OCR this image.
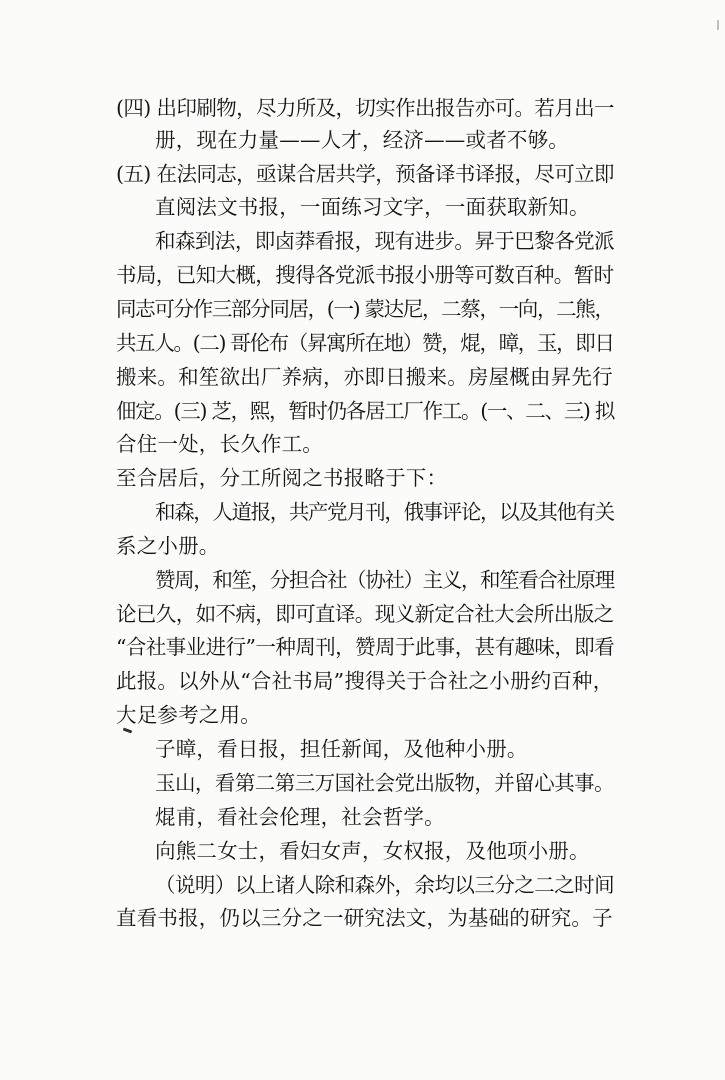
(四) 出印刷物，尽力所及，切实作出报告亦可。若月出一

册，现在力量——人才，经济——或者不够。

(五) 在法同志，亟谋合居共学，预备译书译报，尽可立即

直阅法文书报，一面练习文字，一面获取新知。

和森到法，即卤莽看报，现有进步。昇于巴黎各党派

书局，已知大概，搜得各党派书报小册等可数百种。暂时

同志可分作三部分同居，(一) 蒙达尼，二蔡，一向，二熊，

共五人。(二) 哥伦布（昇寓所在地）赞，焜，暲，玉，即日

搬来。和笙欲出厂养病，亦即日搬来。房屋概由昇先行

佃定。(三) 芝，熙，暂时仍各居工厂作工。(一、二、三) 拟

合住一处，长久作工。

至合居后，分工所阅之书报略于下：

和森，人道报，共产党月刊，俄事评论，以及其他有关

系之小册。

赞周，和笙，分担合社（协社）主义，和笙看合社原理

论已久，如不病，即可直译。现义新定合社大会所出版之

“合社事业进行”一种周刊，赞周于此事，甚有趣味，即看

此报。以外从“合社书局”搜得关于合社之小册约百种，

大足参考之用。

子暲，看日报，担任新闻，及他种小册。

玉山，看第二第三万国社会党出版物，并留心其事。

焜甫，看社会伦理，社会哲学。

向熊二女士，看妇女声，女权报，及他项小册。

（说明）以上诸人除和森外，余均以三分之二之时间

直看书报，仍以三分之一研究法文，为基础的研究。子
